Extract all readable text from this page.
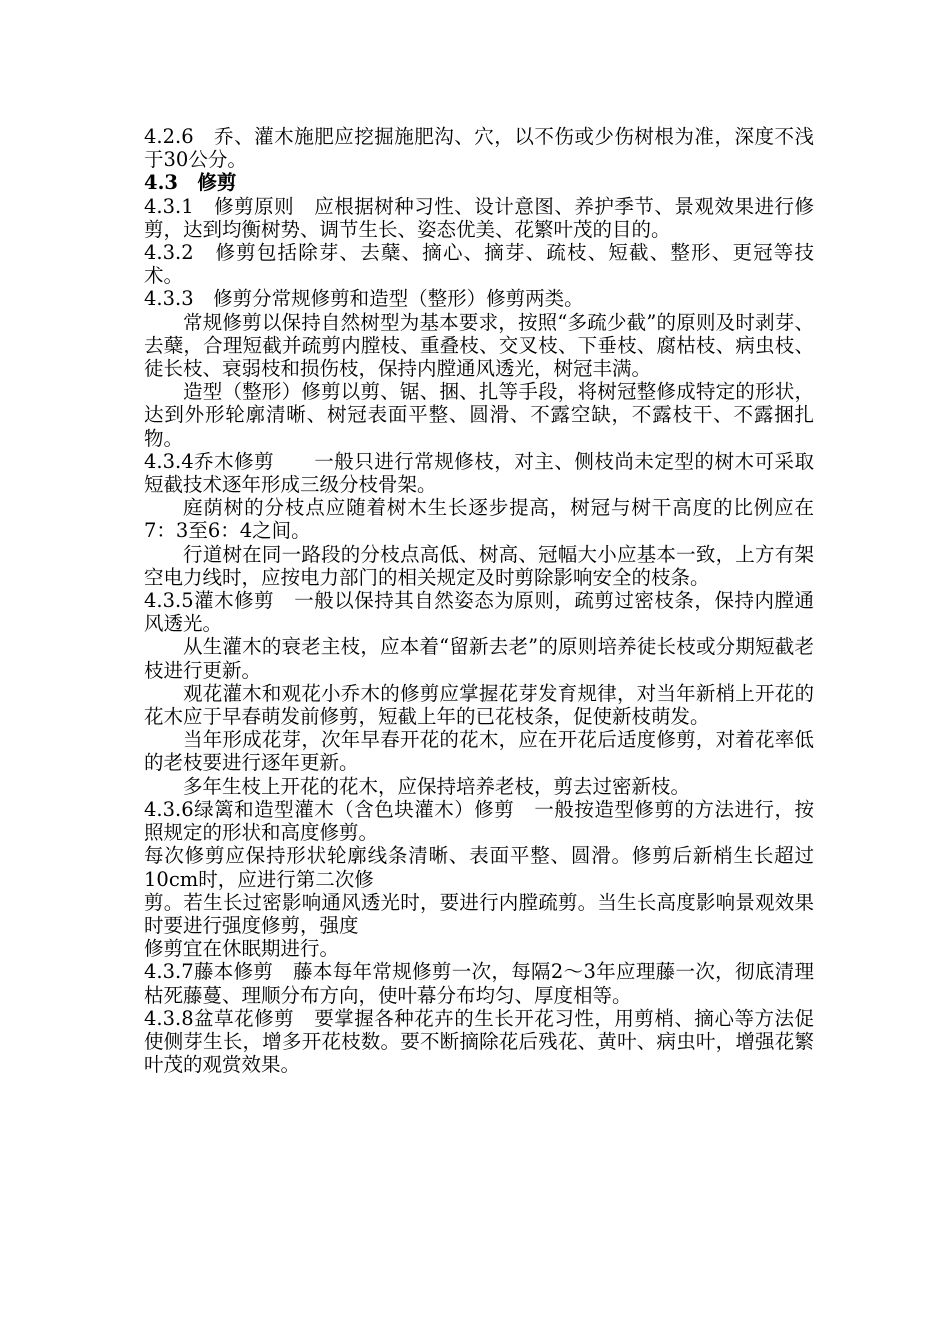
4.2.6　乔、灌木施肥应挖掘施肥沟、穴，以不伤或少伤树根为准，深度不浅于30公分。

4.3　修剪

4.3.1　修剪原则　应根据树种习性、设计意图、养护季节、景观效果进行修剪，达到均衡树势、调节生长、姿态优美、花繁叶茂的目的。

4.3.2　修剪包括除芽、去蘖、摘心、摘芽、疏枝、短截、整形、更冠等技术。

4.3.3　修剪分常规修剪和造型（整形）修剪两类。

常规修剪以保持自然树型为基本要求，按照“多疏少截”的原则及时剥芽、去蘖，合理短截并疏剪内膛枝、重叠枝、交叉枝、下垂枝、腐枯枝、病虫枝、徒长枝、衰弱枝和损伤枝，保持内膛通风透光，树冠丰满。

造型（整形）修剪以剪、锯、捆、扎等手段，将树冠整修成特定的形状，达到外形轮廓清晰、树冠表面平整、圆滑、不露空缺，不露枝干、不露捆扎物。

4.3.4乔木修剪　　一般只进行常规修枝，对主、侧枝尚未定型的树木可采取短截技术逐年形成三级分枝骨架。

庭荫树的分枝点应随着树木生长逐步提高，树冠与树干高度的比例应在7：3至6：4之间。

行道树在同一路段的分枝点高低、树高、冠幅大小应基本一致，上方有架空电力线时，应按电力部门的相关规定及时剪除影响安全的枝条。

4.3.5灌木修剪　一般以保持其自然姿态为原则，疏剪过密枝条，保持内膛通风透光。

从生灌木的衰老主枝，应本着“留新去老”的原则培养徒长枝或分期短截老枝进行更新。

观花灌木和观花小乔木的修剪应掌握花芽发育规律，对当年新梢上开花的花木应于早春萌发前修剪，短截上年的已花枝条，促使新枝萌发。

当年形成花芽，次年早春开花的花木，应在开花后适度修剪，对着花率低的老枝要进行逐年更新。

多年生枝上开花的花木，应保持培养老枝，剪去过密新枝。

4.3.6绿篱和造型灌木（含色块灌木）修剪　一般按造型修剪的方法进行，按照规定的形状和高度修剪。

每次修剪应保持形状轮廓线条清晰、表面平整、圆滑。修剪后新梢生长超过10cm时，应进行第二次修

剪。若生长过密影响通风透光时，要进行内膛疏剪。当生长高度影响景观效果时要进行强度修剪，强度

修剪宜在休眠期进行。

4.3.7藤本修剪　藤本每年常规修剪一次，每隔2～3年应理藤一次，彻底清理枯死藤蔓、理顺分布方向，使叶幕分布均匀、厚度相等。

4.3.8盆草花修剪　要掌握各种花卉的生长开花习性，用剪梢、摘心等方法促使侧芽生长，增多开花枝数。要不断摘除花后残花、黄叶、病虫叶，增强花繁叶茂的观赏效果。
